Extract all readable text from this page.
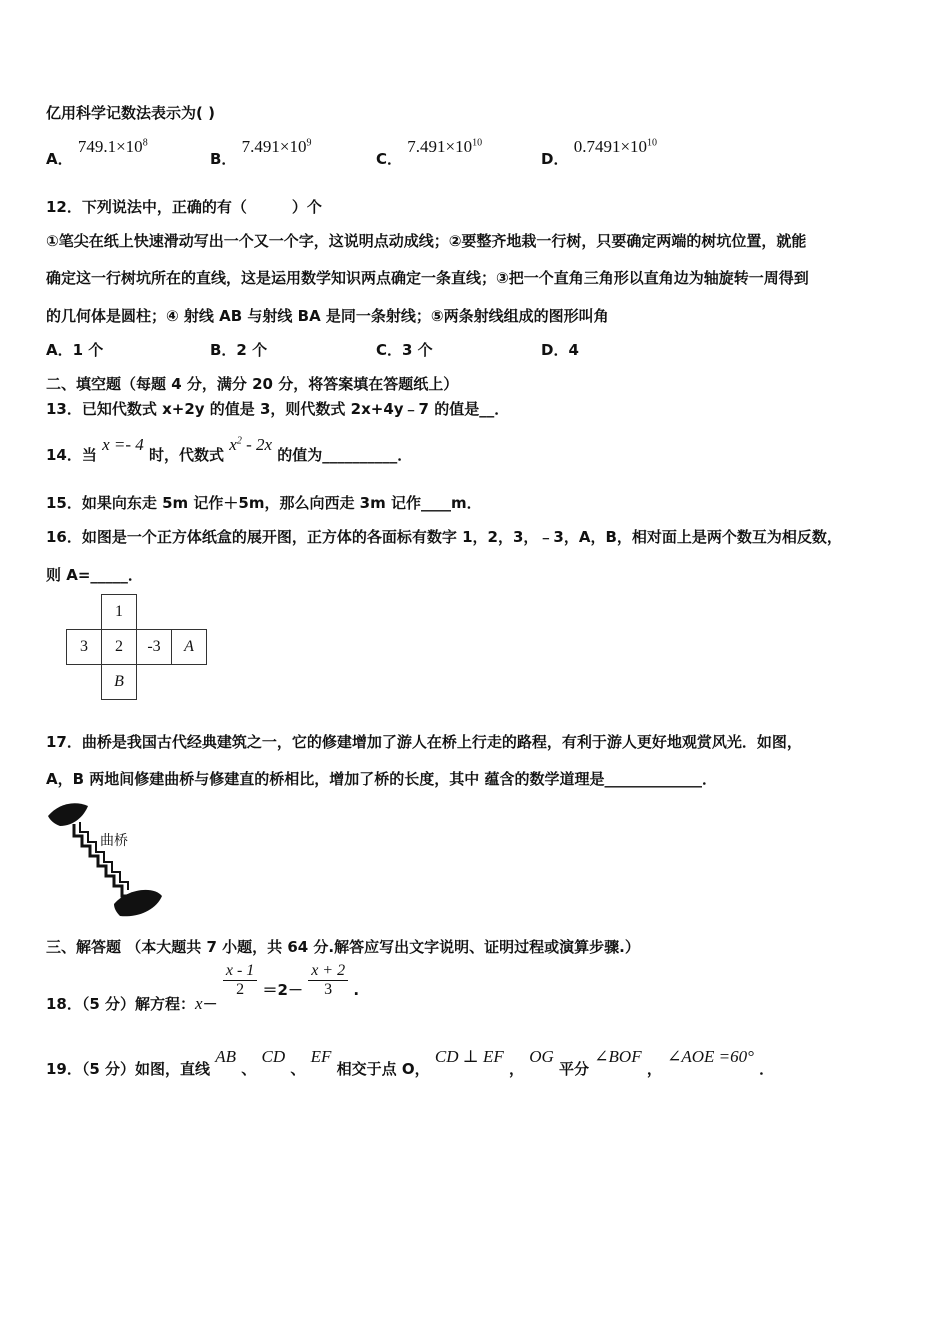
亿用科学记数法表示为( )
A． $749.1\times 10^8$
B． $7.491\times 10^9$
C． $7.491\times 10^{10}$
D． $0.7491\times 10^{10}$
12．下列说法中，正确的有（　　　）个
①笔尖在纸上快速滑动写出一个又一个字，这说明点动成线；②要整齐地栽一行树，只要确定两端的树坑位置，就能
确定这一行树坑所在的直线，这是运用数学知识两点确定一条直线；③把一个直角三角形以直角边为轴旋转一周得到
的几何体是圆柱；④ 射线 AB 与射线 BA 是同一条射线；⑤两条射线组成的图形叫角
A．1 个	B．2 个	C．3 个	D．4
二、填空题（每题 4 分，满分 20 分，将答案填在答题纸上）
13．已知代数式 x+2y 的值是 3，则代数式 2x+4y﹣7 的值是__．
14．当 x =- 4 时，代数式 $x^2 - 2x$ 的值为__________．
15．如果向东走 5m 记作＋5m，那么向西走 3m 记作____m．
16．如图是一个正方体纸盒的展开图，正方体的各面标有数字 1，2，3，﹣3，A，B，相对面上是两个数互为相反数，
则 A=_____．
	1		
3	2	-3	A
	B		
17．曲桥是我国古代经典建筑之一，它的修建增加了游人在桥上行走的路程，有利于游人更好地观赏风光．如图，
A，B 两地间修建曲桥与修建直的桥相比，增加了桥的长度，其中 蕴含的数学道理是_____________．
曲桥
三、解答题 （本大题共 7 小题，共 64 分.解答应写出文字说明、证明过程或演算步骤.）
18．（5 分）解方程：x－
$\frac{x - 1}{2} =2- \frac{x + 2}{3}$ .
19．（5 分）如图，直线 AB 、 CD 、 EF 相交于点 O， CD ⊥ EF ， OG 平分 ∠BOF ， ∠AOE =60° ．
